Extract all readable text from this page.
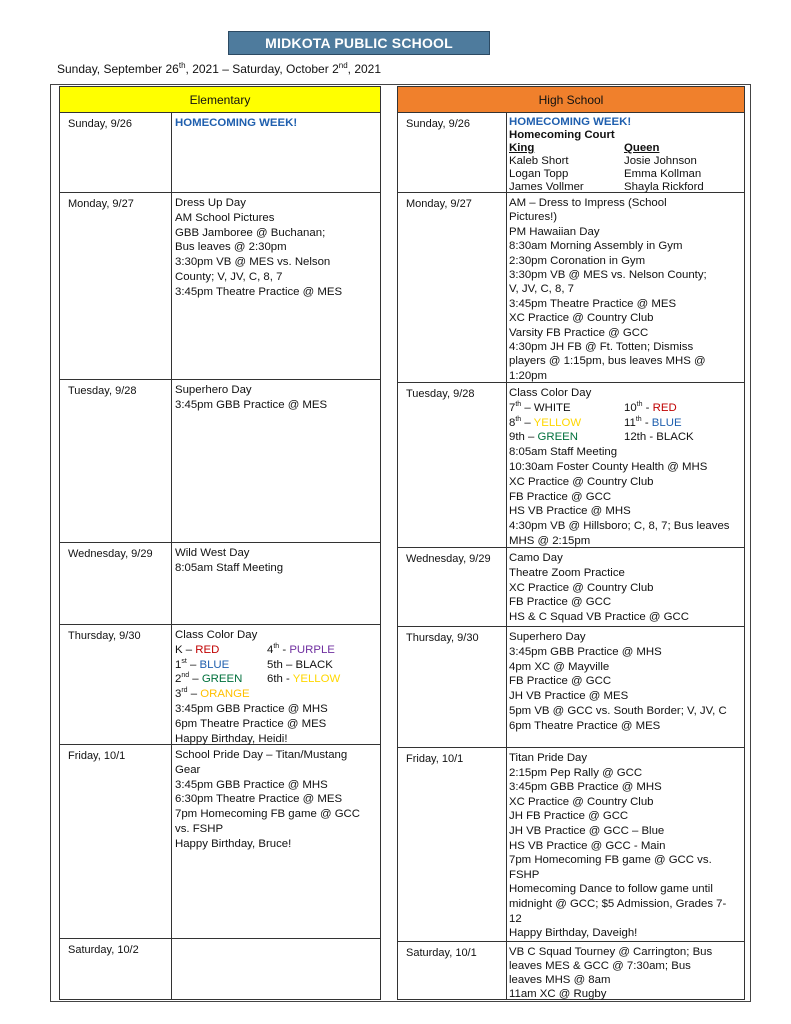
MIDKOTA PUBLIC SCHOOL
Sunday, September 26th, 2021 – Saturday, October 2nd, 2021
Elementary
Sunday, 9/26	HOMECOMING WEEK!
Monday, 9/27	Dress Up Day
AM School Pictures
GBB Jamboree @ Buchanan;
Bus leaves @ 2:30pm
3:30pm VB @ MES vs. Nelson
County; V, JV, C, 8, 7
3:45pm Theatre Practice @ MES
Tuesday, 9/28	Superhero Day
3:45pm GBB Practice @ MES
Wednesday, 9/29 Wild West Day
8:05am Staff Meeting
Thursday, 9/30	Class Color Day
K – RED	4th - PURPLE
1st – BLUE	5th – BLACK
2nd – GREEN	6th - YELLOW
3rd – ORANGE
3:45pm GBB Practice @ MHS
6pm Theatre Practice @ MES
Happy Birthday, Heidi!
Friday, 10/1	School Pride Day – Titan/Mustang
Gear
3:45pm GBB Practice @ MHS
6:30pm Theatre Practice @ MES
7pm Homecoming FB game @ GCC
vs. FSHP
Happy Birthday, Bruce!
Saturday, 10/2
High School
Sunday, 9/26	HOMECOMING WEEK!
Homecoming Court
King	Queen
Kaleb Short	Josie Johnson
Logan Topp	Emma Kollman
James Vollmer	Shayla Rickford
Monday, 9/27	AM – Dress to Impress (School
Pictures!)
PM Hawaiian Day
8:30am Morning Assembly in Gym
2:30pm Coronation in Gym
3:30pm VB @ MES vs. Nelson County;
V, JV, C, 8, 7
3:45pm Theatre Practice @ MES
XC Practice @ Country Club
Varsity FB Practice @ GCC
4:30pm JH FB @ Ft. Totten; Dismiss
players @ 1:15pm, bus leaves MHS @
1:20pm
Tuesday, 9/28	Class Color Day
7th – WHITE	10th - RED
8th – YELLOW	11th - BLUE
9th – GREEN	12th - BLACK
8:05am Staff Meeting
10:30am Foster County Health @ MHS
XC Practice @ Country Club
FB Practice @ GCC
HS VB Practice @ MHS
4:30pm VB @ Hillsboro; C, 8, 7; Bus leaves
MHS @ 2:15pm
Wednesday, 9/29 Camo Day
Theatre Zoom Practice
XC Practice @ Country Club
FB Practice @ GCC
HS & C Squad VB Practice @ GCC
Thursday, 9/30	Superhero Day
3:45pm GBB Practice @ MHS
4pm XC @ Mayville
FB Practice @ GCC
JH VB Practice @ MES
5pm VB @ GCC vs. South Border; V, JV, C
6pm Theatre Practice @ MES
Friday, 10/1	Titan Pride Day
2:15pm Pep Rally @ GCC
3:45pm GBB Practice @ MHS
XC Practice @ Country Club
JH FB Practice @ GCC
JH VB Practice @ GCC – Blue
HS VB Practice @ GCC - Main
7pm Homecoming FB game @ GCC vs.
FSHP
Homecoming Dance to follow game until
midnight @ GCC; $5 Admission, Grades 7-
12
Happy Birthday, Daveigh!
Saturday, 10/1	VB C Squad Tourney @ Carrington; Bus
leaves MES & GCC @ 7:30am; Bus
leaves MHS @ 8am
11am XC @ Rugby
